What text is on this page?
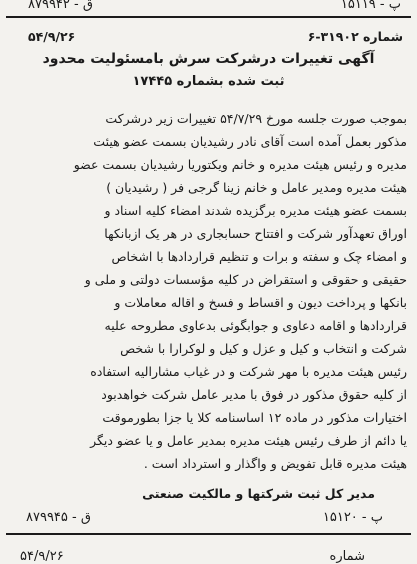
۸۷۹۹۴۲ - ق	پ - ۱۵۱۱۹
شماره ۳۱۹۰۲-۶
۵۴/۹/۲۶
آگهی تغییرات درشرکت سرش بامسئولیت محدود
ثبت شده بشماره ۱۷۴۴۵
بموجب صورت جلسه مورخ ۵۴/۷/۲۹ تغییرات زیر درشرکت
مذکور بعمل آمده است آقای نادر رشیدیان بسمت عضو هیئت
مدیره و رئیس هیئت مدیره و خانم ویکتوریا رشیدیان بسمت عضو
هیئت مدیره ومدیر عامل و خانم زینا گرجی فر ( رشیدیان )
بسمت عضو هیئت مدیره برگزیده شدند امضاء کلیه اسناد و
اوراق تعهدآور شرکت و افتتاح حسابجاری در هر یک ازبانکها
و امضاء چک و سفته و برات و تنظیم قراردادها با اشخاص
حقیقی و حقوقی و استقراض در کلیه مؤسسات دولتی و ملی و
بانکها و پرداخت دیون و اقساط و فسخ و اقاله معاملات و
قراردادها و اقامه دعاوی و جوابگوئی بدعاوی مطروحه علیه
شرکت و انتخاب و کیل و عزل و کیل و لوکرارا با شخص
رئیس هیئت مدیره با مهر شرکت و در غیاب مشارالیه استفاده
از کلیه حقوق مذکور در فوق با مدیر عامل شرکت خواهدبود
اختیارات مذکور در ماده ۱۲ اساسنامه کلا یا جزا بطورموقت
یا دائم از طرف رئیس هیئت مدیره بمدیر عامل و یا عضو دیگر
هیئت مدیره قابل تفویض و واگذار و استرداد است .
مدیر کل ثبت شرکتها و مالکیت صنعتی
۸۷۹۹۴۵ - ق	پ - ۱۵۱۲۰
شماره
۵۴/۹/۲۶
